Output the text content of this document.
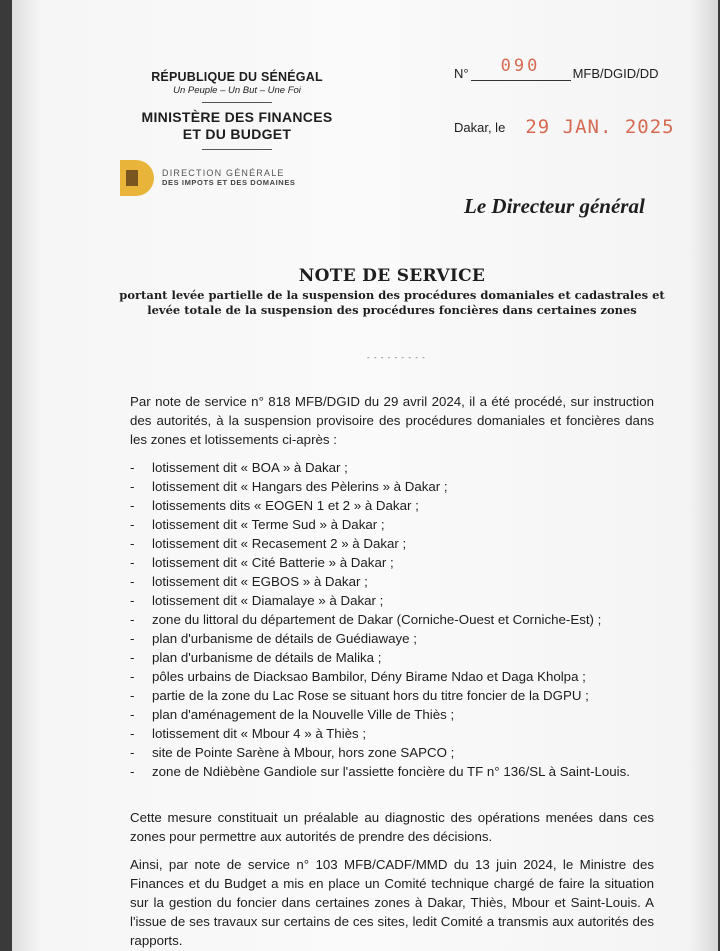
RÉPUBLIQUE DU SÉNÉGAL
Un Peuple – Un But – Une Foi
MINISTÈRE DES FINANCES
ET DU BUDGET
DIRECTION GÉNÉRALE
DES IMPOTS ET DES DOMAINES
N° 090 MFB/DGID/DD
Dakar, le 29 JAN. 2025
Le Directeur général
NOTE DE SERVICE

portant levée partielle de la suspension des procédures domaniales et cadastrales et levée totale de la suspension des procédures foncières dans certaines zones

- - - - - - - - -
Par note de service n° 818 MFB/DGID du 29 avril 2024, il a été procédé, sur instruction des autorités, à la suspension provisoire des procédures domaniales et foncières dans les zones et lotissements ci-après :
- lotissement dit « BOA » à Dakar ;
- lotissement dit « Hangars des Pèlerins » à Dakar ;
- lotissements dits « EOGEN 1 et 2 » à Dakar ;
- lotissement dit « Terme Sud » à Dakar ;
- lotissement dit « Recasement 2 » à Dakar ;
- lotissement dit « Cité Batterie » à Dakar ;
- lotissement dit « EGBOS » à Dakar ;
- lotissement dit « Diamalaye » à Dakar ;
- zone du littoral du département de Dakar (Corniche-Ouest et Corniche-Est) ;
- plan d'urbanisme de détails de Guédiawaye ;
- plan d'urbanisme de détails de Malika ;
- pôles urbains de Diacksao Bambilor, Dény Birame Ndao et Daga Kholpa ;
- partie de la zone du Lac Rose se situant hors du titre foncier de la DGPU ;
- plan d'aménagement de la Nouvelle Ville de Thiès ;
- lotissement dit « Mbour 4 » à Thiès ;
- site de Pointe Sarène à Mbour, hors zone SAPCO ;
- zone de Ndièbène Gandiole sur l'assiette foncière du TF n° 136/SL à Saint-Louis.
Cette mesure constituait un préalable au diagnostic des opérations menées dans ces zones pour permettre aux autorités de prendre des décisions.
Ainsi, par note de service n° 103 MFB/CADF/MMD du 13 juin 2024, le Ministre des Finances et du Budget a mis en place un Comité technique chargé de faire la situation sur la gestion du foncier dans certaines zones à Dakar, Thiès, Mbour et Saint-Louis. A l'issue de ses travaux sur certains de ces sites, ledit Comité a transmis aux autorités des rapports.
